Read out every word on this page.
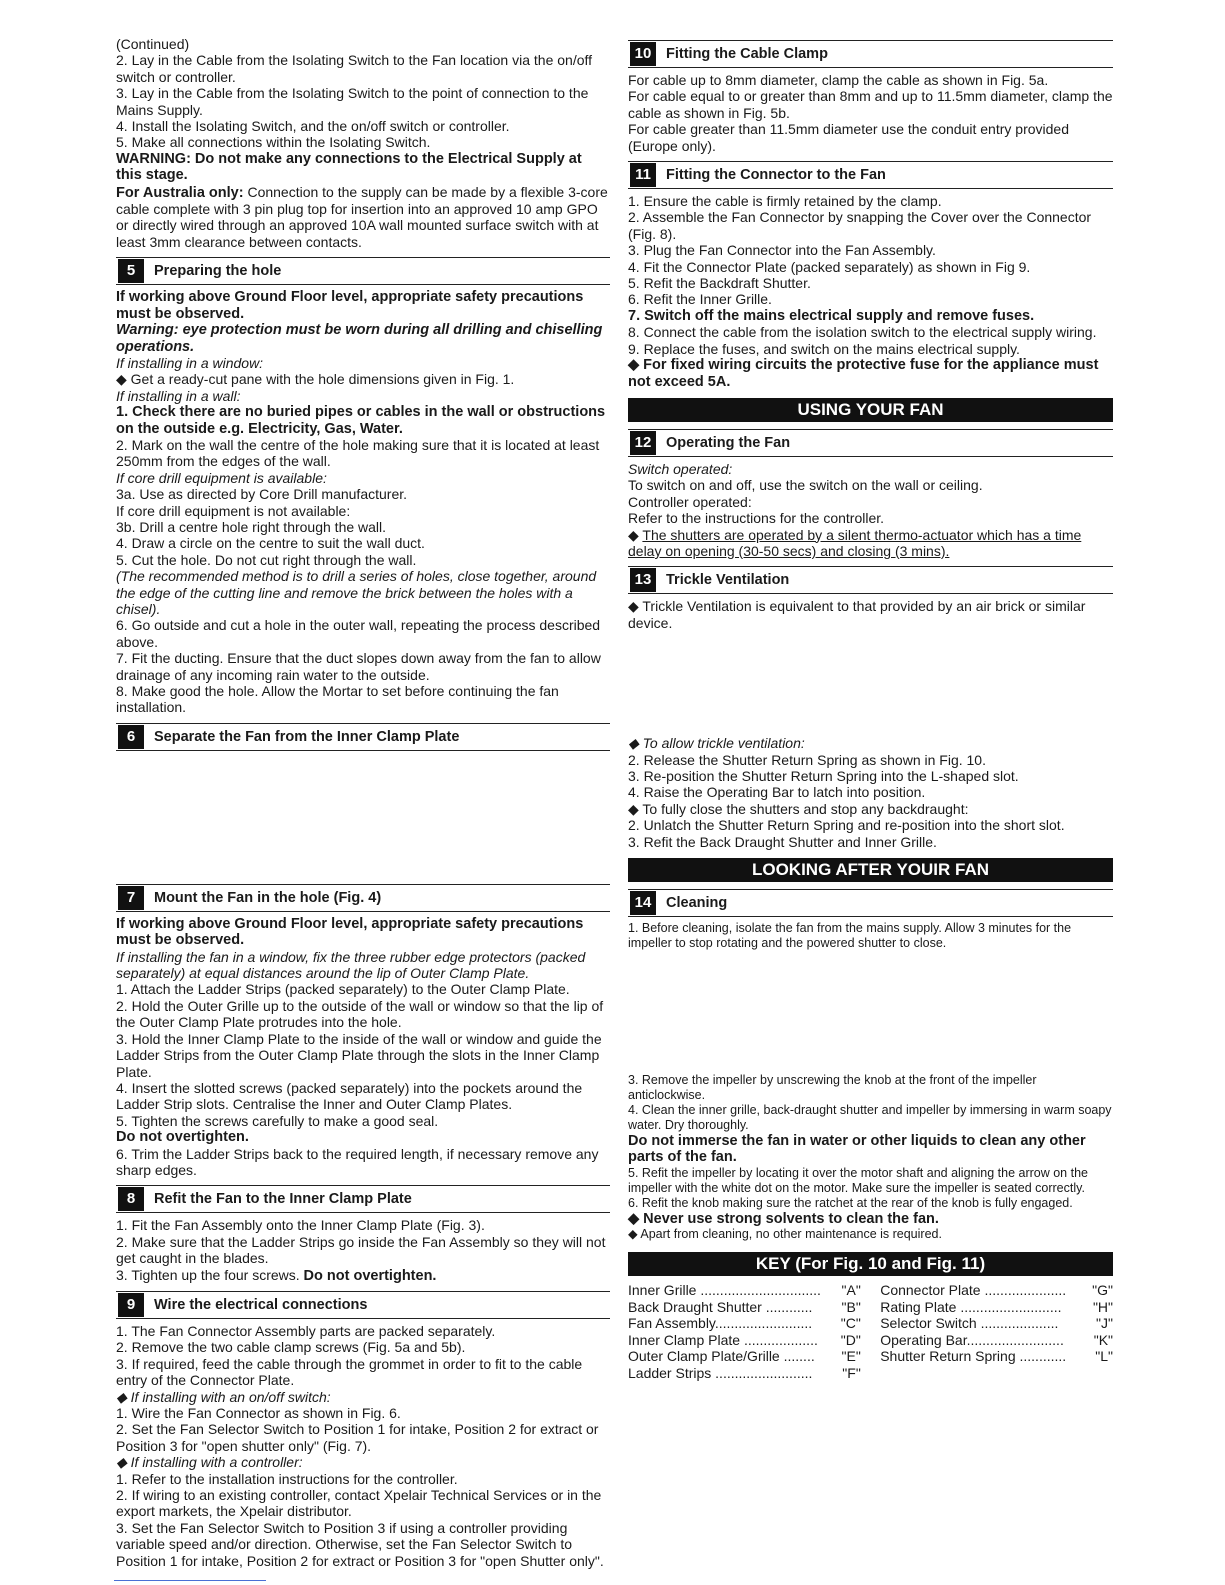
(Continued)

2. Lay in the Cable from the Isolating Switch to the Fan location via the on/off switch or controller.

3. Lay in the Cable from the Isolating Switch to the point of connection to the Mains Supply.

4. Install the Isolating Switch, and the on/off switch or controller.

5. Make all connections within the Isolating Switch.

WARNING: Do not make any connections to the Electrical Supply at this stage.

For Australia only: Connection to the supply can be made by a flexible 3-core cable complete with 3 pin plug top for insertion into an approved 10 amp GPO or directly wired through an approved 10A wall mounted surface switch with at least 3mm clearance between contacts.

5	Preparing the hole

If working above Ground Floor level, appropriate safety precautions must be observed.

Warning: eye protection must be worn during all drilling and chiselling operations.

If installing in a window:

◆ Get a ready-cut pane with the hole dimensions given in Fig. 1.

If installing in a wall:

1. Check there are no buried pipes or cables in the wall or obstructions on the outside e.g. Electricity, Gas, Water.

2. Mark on the wall the centre of the hole making sure that it is located at least 250mm from the edges of the wall.

If core drill equipment is available:

3a. Use as directed by Core Drill manufacturer.

If core drill equipment is not available:

3b. Drill a centre hole right through the wall.

4. Draw a circle on the centre to suit the wall duct.

5. Cut the hole. Do not cut right through the wall.

(The recommended method is to drill a series of holes, close together, around the edge of the cutting line and remove the brick between the holes with a chisel).

6. Go outside and cut a hole in the outer wall, repeating the process described above.

7. Fit the ducting. Ensure that the duct slopes down away from the fan to allow drainage of any incoming rain water to the outside.

8. Make good the hole. Allow the Mortar to set before continuing the fan installation.

6	Separate the Fan from the Inner Clamp Plate
7	Mount the Fan in the hole (Fig. 4)

If working above Ground Floor level, appropriate safety precautions must be observed.

If installing the fan in a window, fix the three rubber edge protectors (packed separately) at equal distances around the lip of Outer Clamp Plate.

1. Attach the Ladder Strips (packed separately) to the Outer Clamp Plate.

2. Hold the Outer Grille up to the outside of the wall or window so that the lip of the Outer Clamp Plate protrudes into the hole.

3. Hold the Inner Clamp Plate to the inside of the wall or window and guide the Ladder Strips from the Outer Clamp Plate through the slots in the Inner Clamp Plate.

4. Insert the slotted screws (packed separately) into the pockets around the Ladder Strip slots. Centralise the Inner and Outer Clamp Plates.

5. Tighten the screws carefully to make a good seal.

Do not overtighten.

6. Trim the Ladder Strips back to the required length, if necessary remove any sharp edges.

8	Refit the Fan to the Inner Clamp Plate

1. Fit the Fan Assembly onto the Inner Clamp Plate (Fig. 3).

2. Make sure that the Ladder Strips go inside the Fan Assembly so they will not get caught in the blades.

3. Tighten up the four screws. Do not overtighten.

9	Wire the electrical connections

1. The Fan Connector Assembly parts are packed separately.

2. Remove the two cable clamp screws (Fig. 5a and 5b).

3. If required, feed the cable through the grommet in order to fit to the cable entry of the Connector Plate.

◆ If installing with an on/off switch:

1. Wire the Fan Connector as shown in Fig. 6.

2. Set the Fan Selector Switch to Position 1 for intake, Position 2 for extract or Position 3 for "open shutter only" (Fig. 7).

◆ If installing with a controller:

1. Refer to the installation instructions for the controller.

2. If wiring to an existing controller, contact Xpelair Technical Services or in the export markets, the Xpelair distributor.

3. Set the Fan Selector Switch to Position 3 if using a controller providing variable speed and/or direction. Otherwise, set the Fan Selector Switch to Position 1 for intake, Position 2 for extract or Position 3 for "open Shutter only".

10	Fitting the Cable Clamp

For cable up to 8mm diameter, clamp the cable as shown in Fig. 5a.

For cable equal to or greater than 8mm and up to 11.5mm diameter, clamp the cable as shown in Fig. 5b.

For cable greater than 11.5mm diameter use the conduit entry provided (Europe only).

11	Fitting the Connector to the Fan

1. Ensure the cable is firmly retained by the clamp.

2. Assemble the Fan Connector by snapping the Cover over the Connector (Fig. 8).

3. Plug the Fan Connector into the Fan Assembly.

4. Fit the Connector Plate (packed separately) as shown in Fig 9.

5. Refit the Backdraft Shutter.

6. Refit the Inner Grille.

7. Switch off the mains electrical supply and remove fuses.

8. Connect the cable from the isolation switch to the electrical supply wiring.

9. Replace the fuses, and switch on the mains electrical supply.

◆ For fixed wiring circuits the protective fuse for the appliance must not exceed 5A.

USING YOUR FAN
12	Operating the Fan

Switch operated:

To switch on and off, use the switch on the wall or ceiling.

Controller operated:

Refer to the instructions for the controller.

◆ The shutters are operated by a silent thermo-actuator which has a time delay on opening (30-50 secs) and closing (3 mins).

13	Trickle Ventilation

◆ Trickle Ventilation is equivalent to that provided by an air brick or similar device.

◆ To allow trickle ventilation:

2. Release the Shutter Return Spring as shown in Fig. 10.

3. Re-position the Shutter Return Spring into the L-shaped slot.

4. Raise the Operating Bar to latch into position.

◆ To fully close the shutters and stop any backdraught:

2. Unlatch the Shutter Return Spring and re-position into the short slot.

3. Refit the Back Draught Shutter and Inner Grille.

LOOKING AFTER YOUIR FAN
14	Cleaning

1. Before cleaning, isolate the fan from the mains supply. Allow 3 minutes for the impeller to stop rotating and the powered shutter to close.

3. Remove the impeller by unscrewing the knob at the front of the impeller anticlockwise.

4. Clean the inner grille, back-draught shutter and impeller by immersing in warm soapy water. Dry thoroughly.

Do not immerse the fan in water or other liquids to clean any other parts of the fan.

5. Refit the impeller by locating it over the motor shaft and aligning the arrow on the impeller with the white dot on the motor. Make sure the impeller is seated correctly.

6. Refit the knob making sure the ratchet at the rear of the knob is fully engaged.

◆ Never use strong solvents to clean the fan.

◆ Apart from cleaning, no other maintenance is required.

KEY (For Fig. 10 and Fig. 11)
Inner Grille ............................... "A"
Back Draught Shutter ............ "B"
Fan Assembly......................... "C"
Inner Clamp Plate ................... "D"
Outer Clamp Plate/Grille ........ "E"
Ladder Strips ......................... "F"
Connector Plate ..................... "G"
Rating Plate .......................... "H"
Selector Switch ....................	"J"
Operating Bar......................... "K"
Shutter Return Spring ............ "L"
